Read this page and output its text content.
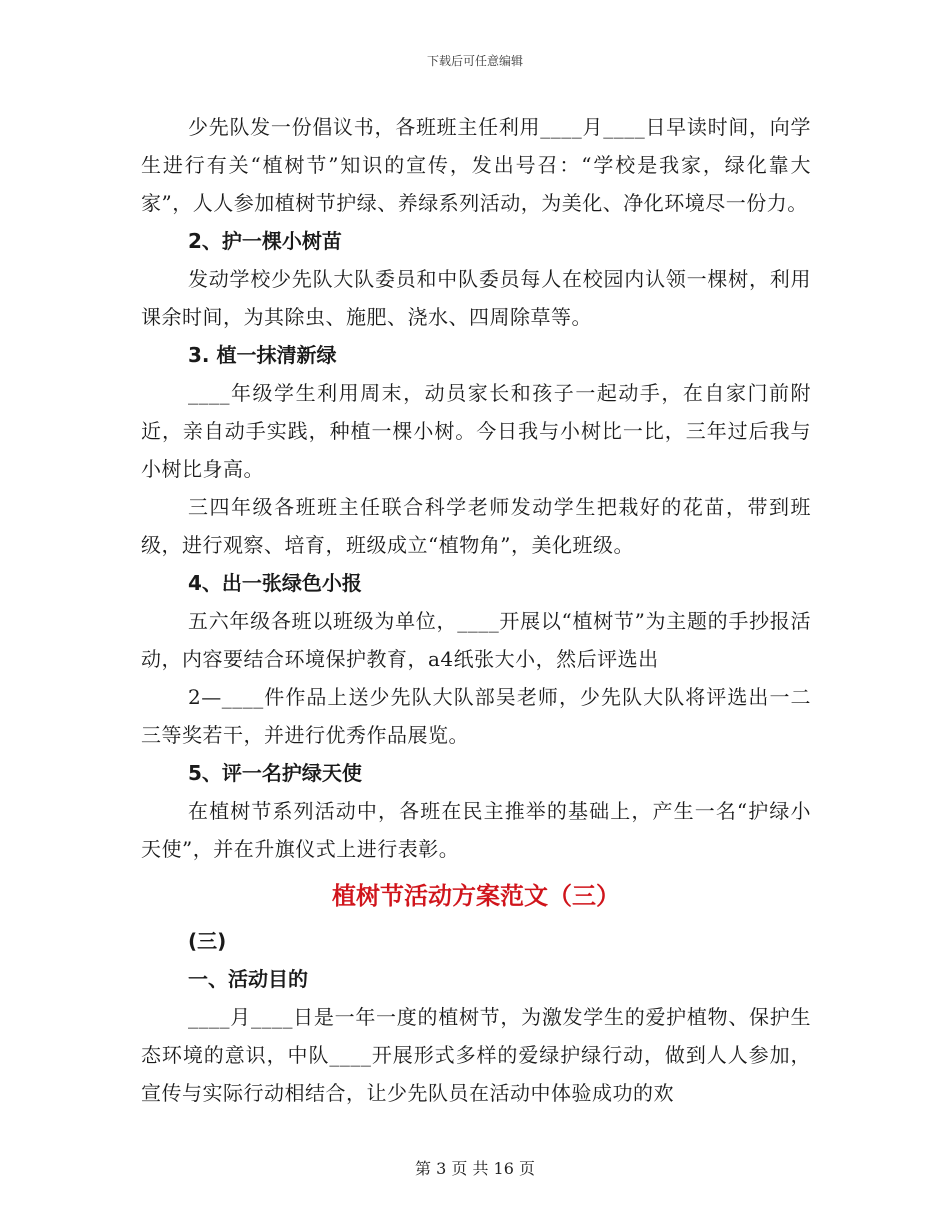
下载后可任意编辑

少先队发一份倡议书，各班班主任利用____月____日早读时间，向学生进行有关“植树节”知识的宣传，发出号召：“学校是我家，绿化靠大家”，人人参加植树节护绿、养绿系列活动，为美化、净化环境尽一份力。

2、护一棵小树苗

发动学校少先队大队委员和中队委员每人在校园内认领一棵树，利用课余时间，为其除虫、施肥、浇水、四周除草等。

3. 植一抹清新绿

____年级学生利用周末，动员家长和孩子一起动手，在自家门前附近，亲自动手实践，种植一棵小树。今日我与小树比一比，三年过后我与小树比身高。

三四年级各班班主任联合科学老师发动学生把栽好的花苗，带到班级，进行观察、培育，班级成立“植物角”，美化班级。

4、出一张绿色小报

五六年级各班以班级为单位，____开展以“植树节”为主题的手抄报活动，内容要结合环境保护教育，a4纸张大小，然后评选出

2—____件作品上送少先队大队部吴老师，少先队大队将评选出一二三等奖若干，并进行优秀作品展览。

5、评一名护绿天使

在植树节系列活动中，各班在民主推举的基础上，产生一名“护绿小天使”，并在升旗仪式上进行表彰。

植树节活动方案范文（三）

(三)

一、活动目的

____月____日是一年一度的植树节，为激发学生的爱护植物、保护生态环境的意识，中队____开展形式多样的爱绿护绿行动，做到人人参加，宣传与实际行动相结合，让少先队员在活动中体验成功的欢

第 3 页 共 16 页
